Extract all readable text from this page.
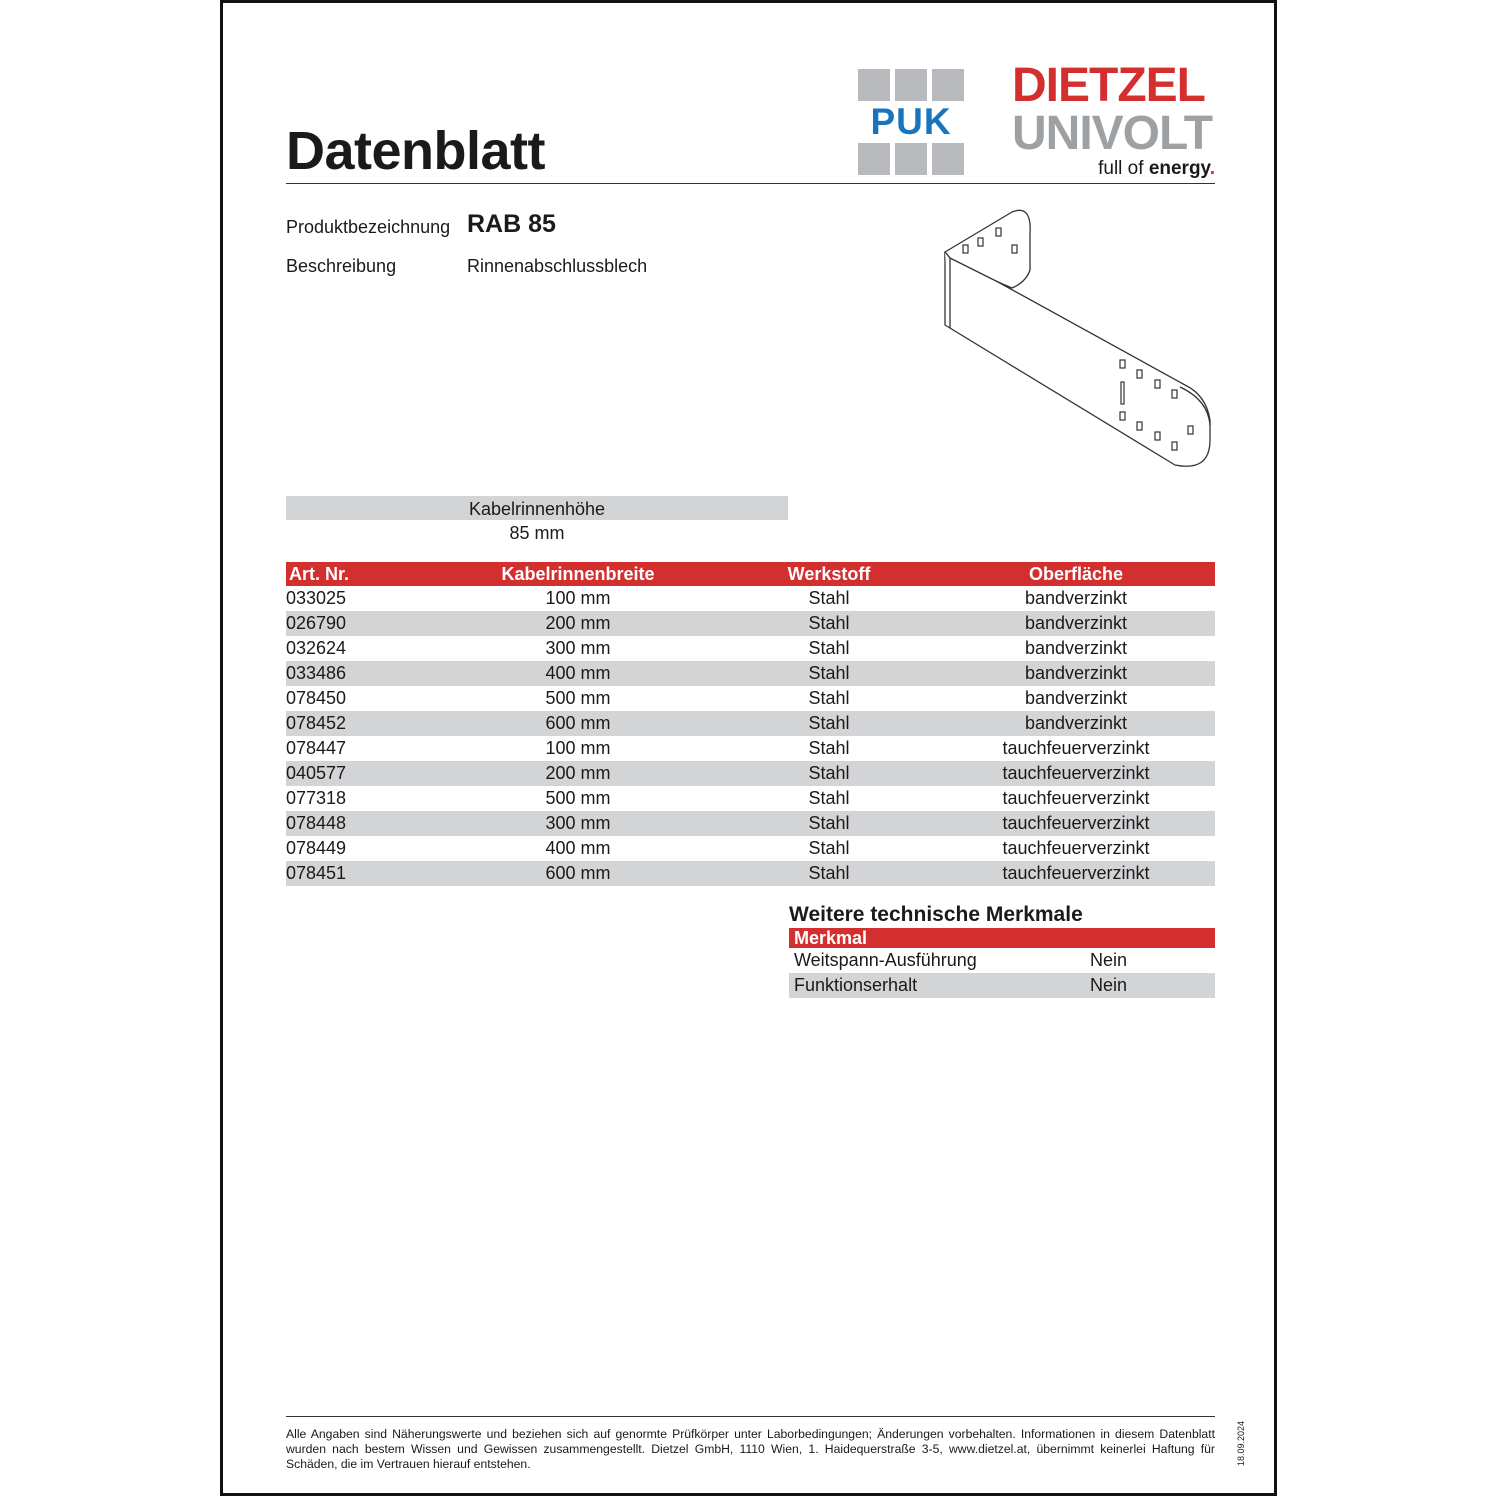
PUK
DIETZEL
UNIVOLT
full of energy.
Datenblatt
Produktbezeichnung RAB 85
Beschreibung	Rinnenabschlussblech
Kabelrinnenhöhe
85 mm
Art. Nr.	Kabelrinnenbreite	Werkstoff	Oberfläche
033025	100 mm	Stahl	bandverzinkt
026790	200 mm	Stahl	bandverzinkt
032624	300 mm	Stahl	bandverzinkt
033486	400 mm	Stahl	bandverzinkt
078450	500 mm	Stahl	bandverzinkt
078452	600 mm	Stahl	bandverzinkt
078447	100 mm	Stahl	tauchfeuerverzinkt
040577	200 mm	Stahl	tauchfeuerverzinkt
077318	500 mm	Stahl	tauchfeuerverzinkt
078448	300 mm	Stahl	tauchfeuerverzinkt
078449	400 mm	Stahl	tauchfeuerverzinkt
078451	600 mm	Stahl	tauchfeuerverzinkt
Weitere technische Merkmale
Merkmal
Weitspann-Ausführung	Nein
Funktionserhalt	Nein
Alle Angaben sind Näherungswerte und beziehen sich auf genormte Prüfkörper unter Laborbedingungen; Änderungen vorbehalten. Informationen in diesem Datenblatt wurden nach bestem Wissen und Gewissen zusammengestellt. Dietzel GmbH, 1110 Wien, 1. Haidequerstraße 3-5, www.dietzel.at, übernimmt keinerlei Haftung für Schäden, die im Vertrauen hierauf entstehen.	18.09.2024
